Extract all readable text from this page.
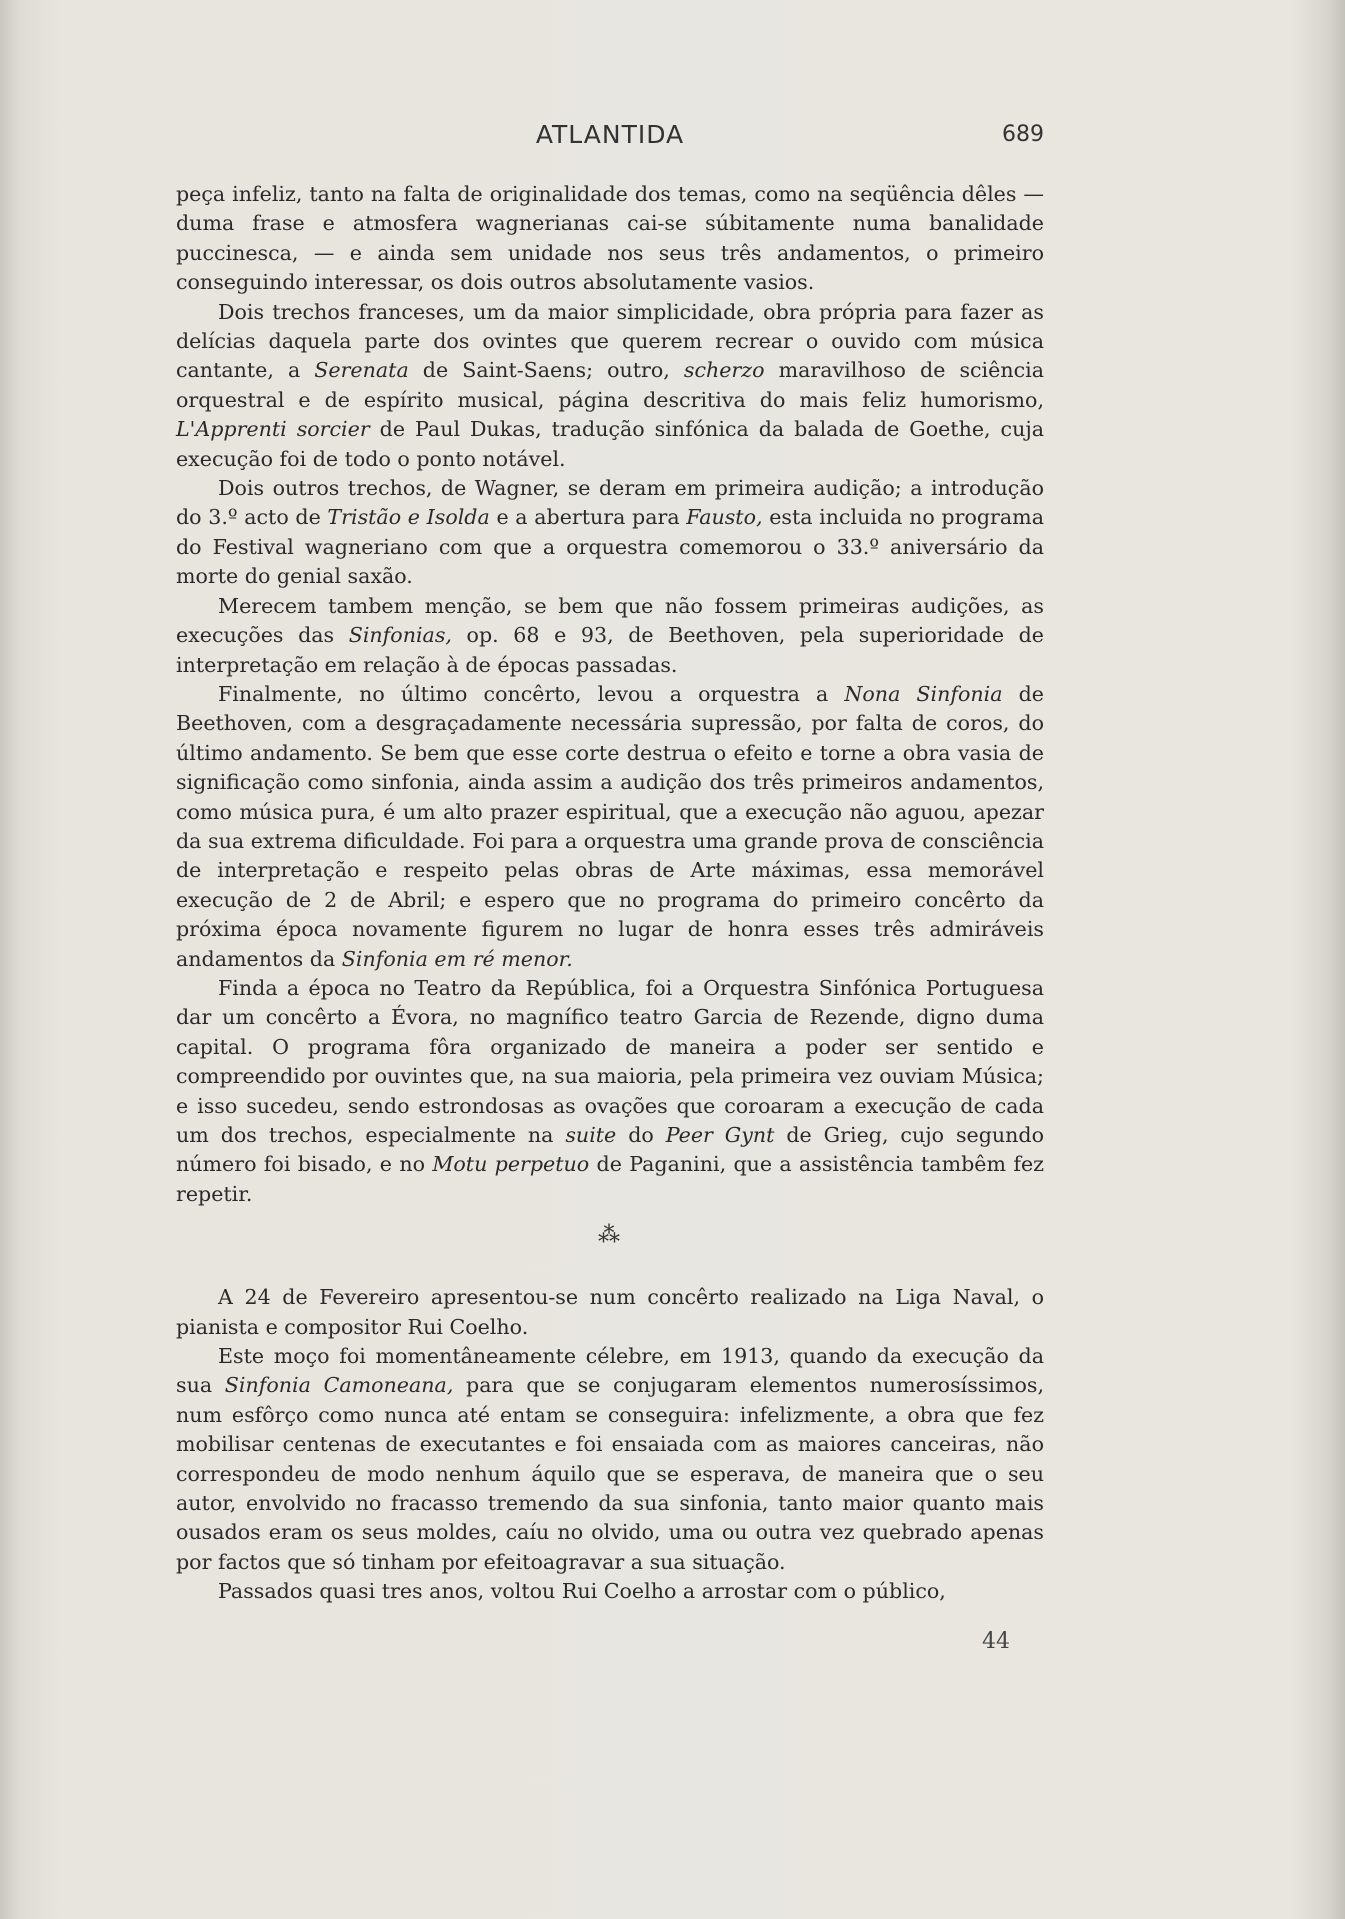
ATLANTIDA	689

peça infeliz, tanto na falta de originalidade dos temas, como na seqüência dêles — duma frase e atmosfera wagnerianas cai-se súbitamente numa banalidade puccinesca, — e ainda sem unidade nos seus três andamentos, o primeiro conseguindo interessar, os dois outros absolutamente vasios.

Dois trechos franceses, um da maior simplicidade, obra própria para fazer as delícias daquela parte dos ovintes que querem recrear o ouvido com música cantante, a Serenata de Saint-Saens; outro, scherzo maravilhoso de sciência orquestral e de espírito musical, página descritiva do mais feliz humorismo, L'Apprenti sorcier de Paul Dukas, tradução sinfónica da balada de Goethe, cuja execução foi de todo o ponto notável.

Dois outros trechos, de Wagner, se deram em primeira audição; a introdução do 3.º acto de Tristão e Isolda e a abertura para Fausto, esta incluida no programa do Festival wagneriano com que a orquestra comemorou o 33.º aniversário da morte do genial saxão.

Merecem tambem menção, se bem que não fossem primeiras audições, as execuções das Sinfonias, op. 68 e 93, de Beethoven, pela superioridade de interpretação em relação à de épocas passadas.

Finalmente, no último concêrto, levou a orquestra a Nona Sinfonia de Beethoven, com a desgraçadamente necessária supressão, por falta de coros, do último andamento. Se bem que esse corte destrua o efeito e torne a obra vasia de significação como sinfonia, ainda assim a audição dos três primeiros andamentos, como música pura, é um alto prazer espiritual, que a execução não aguou, apezar da sua extrema dificuldade. Foi para a orquestra uma grande prova de consciência de interpretação e respeito pelas obras de Arte máximas, essa memorável execução de 2 de Abril; e espero que no programa do primeiro concêrto da próxima época novamente figurem no lugar de honra esses três admiráveis andamentos da Sinfonia em ré menor.

Finda a época no Teatro da República, foi a Orquestra Sinfónica Portuguesa dar um concêrto a Évora, no magnífico teatro Garcia de Rezende, digno duma capital. O programa fôra organizado de maneira a poder ser sentido e compreendido por ouvintes que, na sua maioria, pela primeira vez ouviam Música; e isso sucedeu, sendo estrondosas as ovações que coroaram a execução de cada um dos trechos, especialmente na suite do Peer Gynt de Grieg, cujo segundo número foi bisado, e no Motu perpetuo de Paganini, que a assistência tambêm fez repetir.

⁂

A 24 de Fevereiro apresentou-se num concêrto realizado na Liga Naval, o pianista e compositor Rui Coelho.

Este moço foi momentâneamente célebre, em 1913, quando da execução da sua Sinfonia Camoneana, para que se conjugaram elementos numerosíssimos, num esfôrço como nunca até entam se conseguira: infelizmente, a obra que fez mobilisar centenas de executantes e foi ensaiada com as maiores canceiras, não correspondeu de modo nenhum áquilo que se esperava, de maneira que o seu autor, envolvido no fracasso tremendo da sua sinfonia, tanto maior quanto mais ousados eram os seus moldes, caíu no olvido, uma ou outra vez quebrado apenas por factos que só tinham por efeitoagravar a sua situação.

Passados quasi tres anos, voltou Rui Coelho a arrostar com o público,

44
